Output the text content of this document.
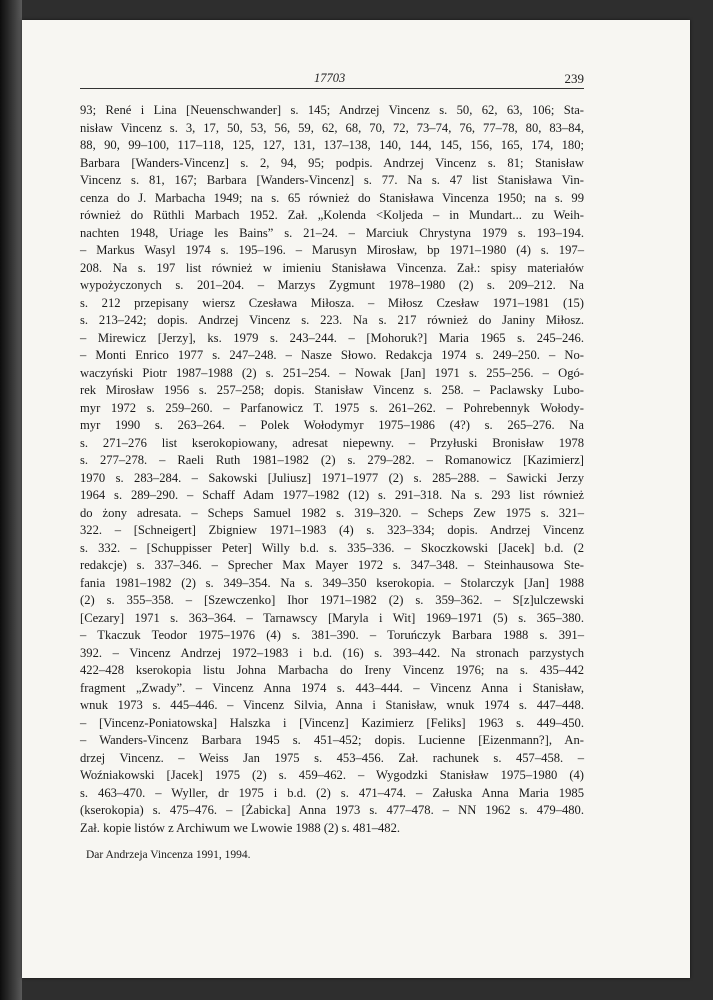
17703	239
93; René i Lina [Neuenschwander] s. 145; Andrzej Vincenz s. 50, 62, 63, 106; Sta-
nisław Vincenz s. 3, 17, 50, 53, 56, 59, 62, 68, 70, 72, 73–74, 76, 77–78, 80, 83–84,
88, 90, 99–100, 117–118, 125, 127, 131, 137–138, 140, 144, 145, 156, 165, 174, 180;
Barbara [Wanders-Vincenz] s. 2, 94, 95; podpis. Andrzej Vincenz s. 81; Stanisław
Vincenz s. 81, 167; Barbara [Wanders-Vincenz] s. 77. Na s. 47 list Stanisława Vin-
cenza do J. Marbacha 1949; na s. 65 również do Stanisława Vincenza 1950; na s. 99
również do Rüthli Marbach 1952. Zał. „Kolenda <Koljeda – in Mundart... zu Weih-
nachten 1948, Uriage les Bains” s. 21–24. – Marciuk Chrystyna 1979 s. 193–194.
– Markus Wasyl 1974 s. 195–196. – Marusyn Mirosław, bp 1971–1980 (4) s. 197–
208. Na s. 197 list również w imieniu Stanisława Vincenza. Zał.: spisy materiałów
wypożyczonych s. 201–204. – Marzys Zygmunt 1978–1980 (2) s. 209–212. Na
s. 212 przepisany wiersz Czesława Miłosza. – Miłosz Czesław 1971–1981 (15)
s. 213–242; dopis. Andrzej Vincenz s. 223. Na s. 217 również do Janiny Miłosz.
– Mirewicz [Jerzy], ks. 1979 s. 243–244. – [Mohoruk?] Maria 1965 s. 245–246.
– Monti Enrico 1977 s. 247–248. – Nasze Słowo. Redakcja 1974 s. 249–250. – No-
waczyński Piotr 1987–1988 (2) s. 251–254. – Nowak [Jan] 1971 s. 255–256. – Ogó-
rek Mirosław 1956 s. 257–258; dopis. Stanisław Vincenz s. 258. – Paclawsky Lubo-
myr 1972 s. 259–260. – Parfanowicz T. 1975 s. 261–262. – Pohrebennyk Wołody-
myr 1990 s. 263–264. – Polek Wołodymyr 1975–1986 (4?) s. 265–276. Na
s. 271–276 list kserokopiowany, adresat niepewny. – Przyłuski Bronisław 1978
s. 277–278. – Raeli Ruth 1981–1982 (2) s. 279–282. – Romanowicz [Kazimierz]
1970 s. 283–284. – Sakowski [Juliusz] 1971–1977 (2) s. 285–288. – Sawicki Jerzy
1964 s. 289–290. – Schaff Adam 1977–1982 (12) s. 291–318. Na s. 293 list również
do żony adresata. – Scheps Samuel 1982 s. 319–320. – Scheps Zew 1975 s. 321–
322. – [Schneigert] Zbigniew 1971–1983 (4) s. 323–334; dopis. Andrzej Vincenz
s. 332. – [Schuppisser Peter] Willy b.d. s. 335–336. – Skoczkowski [Jacek] b.d. (2
redakcje) s. 337–346. – Sprecher Max Mayer 1972 s. 347–348. – Steinhausowa Ste-
fania 1981–1982 (2) s. 349–354. Na s. 349–350 kserokopia. – Stolarczyk [Jan] 1988
(2) s. 355–358. – [Szewczenko] Ihor 1971–1982 (2) s. 359–362. – S[z]ulczewski
[Cezary] 1971 s. 363–364. – Tarnawscy [Maryla i Wit] 1969–1971 (5) s. 365–380.
– Tkaczuk Teodor 1975–1976 (4) s. 381–390. – Toruńczyk Barbara 1988 s. 391–
392. – Vincenz Andrzej 1972–1983 i b.d. (16) s. 393–442. Na stronach parzystych
422–428 kserokopia listu Johna Marbacha do Ireny Vincenz 1976; na s. 435–442
fragment „Zwady”. – Vincenz Anna 1974 s. 443–444. – Vincenz Anna i Stanisław,
wnuk 1973 s. 445–446. – Vincenz Silvia, Anna i Stanisław, wnuk 1974 s. 447–448.
– [Vincenz-Poniatowska] Halszka i [Vincenz] Kazimierz [Feliks] 1963 s. 449–450.
– Wanders-Vincenz Barbara 1945 s. 451–452; dopis. Lucienne [Eizenmann?], An-
drzej Vincenz. – Weiss Jan 1975 s. 453–456. Zał. rachunek s. 457–458. –
Woźniakowski [Jacek] 1975 (2) s. 459–462. – Wygodzki Stanisław 1975–1980 (4)
s. 463–470. – Wyller, dr 1975 i b.d. (2) s. 471–474. – Załuska Anna Maria 1985
(kserokopia) s. 475–476. – [Żabicka] Anna 1973 s. 477–478. – NN 1962 s. 479–480.
Zał. kopie listów z Archiwum we Lwowie 1988 (2) s. 481–482.
Dar Andrzeja Vincenza 1991, 1994.
